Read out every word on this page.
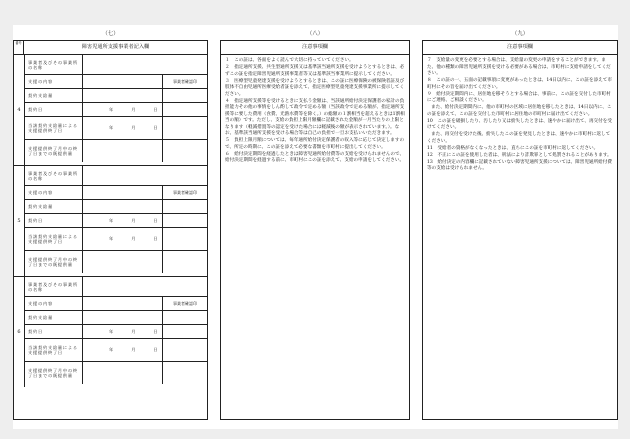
（七）	（八）	（九）
番号
障害児通所支援事業者記入欄
4
事業者及びその事業所の名称
支援の内容	事業者確認印
契約支給量
契約日	年	月	日
当該契約支給量による支援提供終了日
年	月	日
支援提供終了月中の終了日までの既提供量
5
事業者及びその事業所の名称
支援の内容	事業者確認印
契約支給量
契約日	年	月	日
当該契約支給量による支援提供終了日
年	月	日
支援提供終了月中の終了日までの既提供量
6
事業者及びその事業所の名称
支援の内容	事業者確認印
契約支給量
契約日	年	月	日
当該契約支給量による支援提供終了日
年	月	日
支援提供終了月中の終了日までの既提供量
注意事項欄

１　この証は、各面をよく読んで大切に持っていてください。

２　指定通所支援、共生型通所支援又は基準該当通所支援を受けようとするときは、必ずこの証を指定障害児通所支援事業者等又は基準該当事業所に提示してください。

３　医療型児童発達支援を受けようとするときは、この証に医療保険の被保険者証及び肢体不自由児通所医療受給者証を添えて、指定医療型児童発達支援事業所に提示してください。

４　指定通所支援等を受けるときに支払う金額は、当該通所給付決定保護者の家計の負担能力その他の事情をしん酌して政令で定める額（当該政令で定める額が、指定通所支援等に要した費用（食費、光熱水費等を除く。）の総額の１割相当を超えるときは1割相当の額）です。ただし、支給の負担上限月額欄に記載された金額が一月当たりの上限となります（軽減措置等の認定を受けた場合には軽減後の額が表示されています。）。なお、基準該当通所支援を受ける場合等は自己の負担で一旦お支払いいただきます。

５　負担上限月額については、毎年通所給付決定保護者の収入等に応じて決定しますので、所定の時期に、この証を添えて必要な書類を市町村に提出してください。

６　給付決定期間を経過したときは障害児通所給付費等の支給を受けられませんので、給付決定期間を経過する前に、市町村にこの証を添えて、支給の申請をしてください。

注意事項欄

７　支給量の変更を必要とする場合は、支給量の変更の申請をすることができます。また、他の種類の障害児通所支援を受ける必要がある場合は、市町村に支給申請をしてください。

８　この証の一、五面の記載事項に変更があったときは、14日以内に、この証を添えて市町村にその旨を届け出てください。

９　給付決定期間内に、居住地を移そうとする場合は、事前に、この証を交付した市町村にご連絡、ご相談ください。

また、給付決定期間内に、他の市町村の区域に居住地を移したときは、14日以内に、この証を添えて、この証を交付した市町村に居住地の市町村に届け出てください。

10　この証を破損したり、汚したり又は紛失したときは、速やかに届け出て、再交付を受けてください。

また、再交付を受けた後、紛失したこの証を発見したときは、速やかに市町村に返してください。

11　受給者の資格がなくなったときは、直ちにこの証を市町村に返してください。

12　不正にこの証を使用した者は、刑法により詐欺罪として処罰されることがあります。

13　給付決定の内容欄に記載されていない障害児通所支援については、障害児通所給付費等の支給は受けられません。
